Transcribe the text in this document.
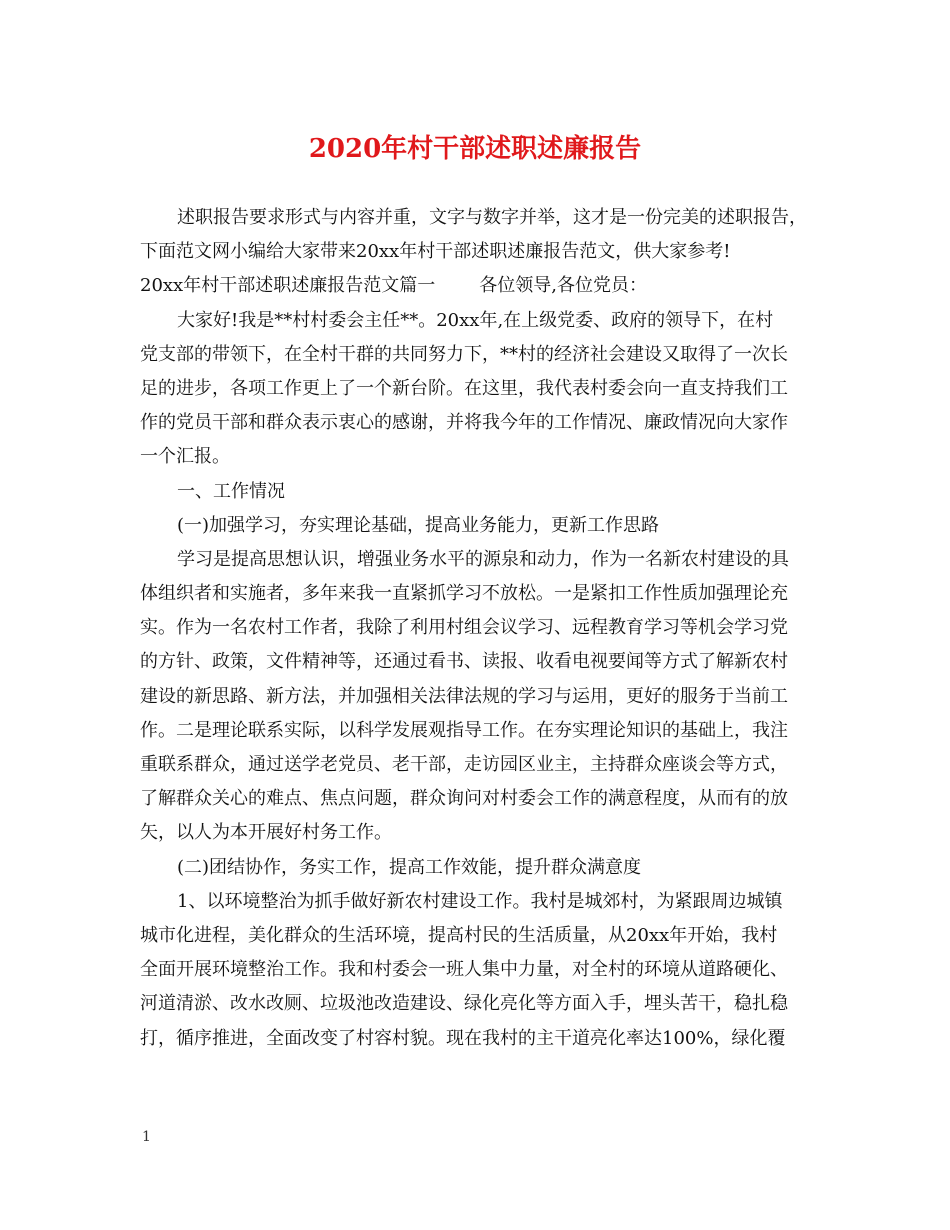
2020年村干部述职述廉报告
述职报告要求形式与内容并重，文字与数字并举，这才是一份完美的述职报告，
下面范文网小编给大家带来20xx年村干部述职述廉报告范文，供大家参考!
20xx年村干部述职述廉报告范文篇一 各位领导,各位党员：
大家好!我是**村村委会主任**。20xx年,在上级党委、政府的领导下，在村
党支部的带领下，在全村干群的共同努力下，**村的经济社会建设又取得了一次长
足的进步，各项工作更上了一个新台阶。在这里，我代表村委会向一直支持我们工
作的党员干部和群众表示衷心的感谢，并将我今年的工作情况、廉政情况向大家作
一个汇报。
一、工作情况
(一)加强学习，夯实理论基础，提高业务能力，更新工作思路
学习是提高思想认识，增强业务水平的源泉和动力，作为一名新农村建设的具
体组织者和实施者，多年来我一直紧抓学习不放松。一是紧扣工作性质加强理论充
实。作为一名农村工作者，我除了利用村组会议学习、远程教育学习等机会学习党
的方针、政策，文件精神等，还通过看书、读报、收看电视要闻等方式了解新农村
建设的新思路、新方法，并加强相关法律法规的学习与运用，更好的服务于当前工
作。二是理论联系实际，以科学发展观指导工作。在夯实理论知识的基础上，我注
重联系群众，通过送学老党员、老干部，走访园区业主，主持群众座谈会等方式，
了解群众关心的难点、焦点问题，群众询问对村委会工作的满意程度，从而有的放
矢，以人为本开展好村务工作。
(二)团结协作，务实工作，提高工作效能，提升群众满意度
1、以环境整治为抓手做好新农村建设工作。我村是城郊村，为紧跟周边城镇
城市化进程，美化群众的生活环境，提高村民的生活质量，从20xx年开始，我村
全面开展环境整治工作。我和村委会一班人集中力量，对全村的环境从道路硬化、
河道清淤、改水改厕、垃圾池改造建设、绿化亮化等方面入手，埋头苦干，稳扎稳
打，循序推进，全面改变了村容村貌。现在我村的主干道亮化率达100%，绿化覆
1
